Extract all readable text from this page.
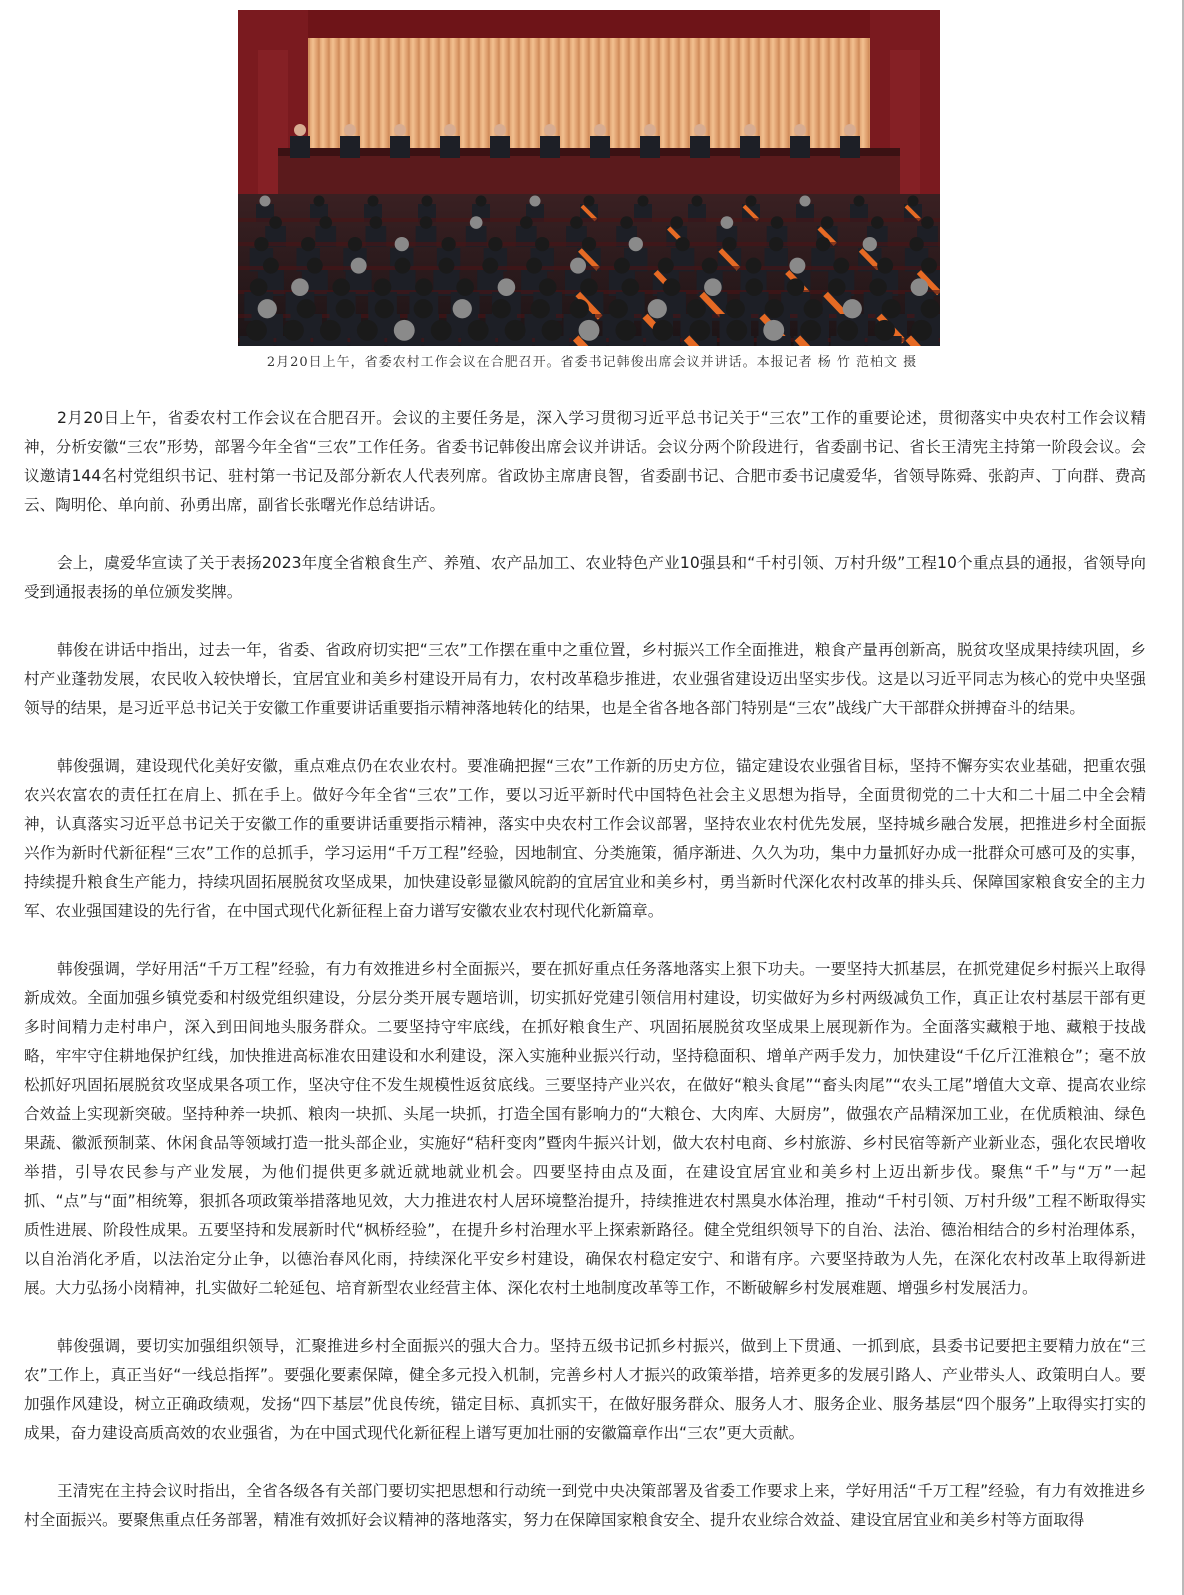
2月20日上午，省委农村工作会议在合肥召开。省委书记韩俊出席会议并讲话。本报记者 杨 竹 范柏文 摄

2月20日上午，省委农村工作会议在合肥召开。会议的主要任务是，深入学习贯彻习近平总书记关于“三农”工作的重要论述，贯彻落实中央农村工作会议精神，分析安徽“三农”形势，部署今年全省“三农”工作任务。省委书记韩俊出席会议并讲话。会议分两个阶段进行，省委副书记、省长王清宪主持第一阶段会议。会议邀请144名村党组织书记、驻村第一书记及部分新农人代表列席。省政协主席唐良智，省委副书记、合肥市委书记虞爱华，省领导陈舜、张韵声、丁向群、费高云、陶明伦、单向前、孙勇出席，副省长张曙光作总结讲话。

会上，虞爱华宣读了关于表扬2023年度全省粮食生产、养殖、农产品加工、农业特色产业10强县和“千村引领、万村升级”工程10个重点县的通报，省领导向受到通报表扬的单位颁发奖牌。

韩俊在讲话中指出，过去一年，省委、省政府切实把“三农”工作摆在重中之重位置，乡村振兴工作全面推进，粮食产量再创新高，脱贫攻坚成果持续巩固，乡村产业蓬勃发展，农民收入较快增长，宜居宜业和美乡村建设开局有力，农村改革稳步推进，农业强省建设迈出坚实步伐。这是以习近平同志为核心的党中央坚强领导的结果，是习近平总书记关于安徽工作重要讲话重要指示精神落地转化的结果，也是全省各地各部门特别是“三农”战线广大干部群众拼搏奋斗的结果。

韩俊强调，建设现代化美好安徽，重点难点仍在农业农村。要准确把握“三农”工作新的历史方位，锚定建设农业强省目标，坚持不懈夯实农业基础，把重农强农兴农富农的责任扛在肩上、抓在手上。做好今年全省“三农”工作，要以习近平新时代中国特色社会主义思想为指导，全面贯彻党的二十大和二十届二中全会精神，认真落实习近平总书记关于安徽工作的重要讲话重要指示精神，落实中央农村工作会议部署，坚持农业农村优先发展，坚持城乡融合发展，把推进乡村全面振兴作为新时代新征程“三农”工作的总抓手，学习运用“千万工程”经验，因地制宜、分类施策，循序渐进、久久为功，集中力量抓好办成一批群众可感可及的实事，持续提升粮食生产能力，持续巩固拓展脱贫攻坚成果，加快建设彰显徽风皖韵的宜居宜业和美乡村，勇当新时代深化农村改革的排头兵、保障国家粮食安全的主力军、农业强国建设的先行省，在中国式现代化新征程上奋力谱写安徽农业农村现代化新篇章。

韩俊强调，学好用活“千万工程”经验，有力有效推进乡村全面振兴，要在抓好重点任务落地落实上狠下功夫。一要坚持大抓基层，在抓党建促乡村振兴上取得新成效。全面加强乡镇党委和村级党组织建设，分层分类开展专题培训，切实抓好党建引领信用村建设，切实做好为乡村两级减负工作，真正让农村基层干部有更多时间精力走村串户，深入到田间地头服务群众。二要坚持守牢底线，在抓好粮食生产、巩固拓展脱贫攻坚成果上展现新作为。全面落实藏粮于地、藏粮于技战略，牢牢守住耕地保护红线，加快推进高标准农田建设和水利建设，深入实施种业振兴行动，坚持稳面积、增单产两手发力，加快建设“千亿斤江淮粮仓”；毫不放松抓好巩固拓展脱贫攻坚成果各项工作，坚决守住不发生规模性返贫底线。三要坚持产业兴农，在做好“粮头食尾”“畜头肉尾”“农头工尾”增值大文章、提高农业综合效益上实现新突破。坚持种养一块抓、粮肉一块抓、头尾一块抓，打造全国有影响力的“大粮仓、大肉库、大厨房”，做强农产品精深加工业，在优质粮油、绿色果蔬、徽派预制菜、休闲食品等领域打造一批头部企业，实施好“秸秆变肉”暨肉牛振兴计划，做大农村电商、乡村旅游、乡村民宿等新产业新业态，强化农民增收举措，引导农民参与产业发展，为他们提供更多就近就地就业机会。四要坚持由点及面，在建设宜居宜业和美乡村上迈出新步伐。聚焦“千”与“万”一起抓、“点”与“面”相统筹，狠抓各项政策举措落地见效，大力推进农村人居环境整治提升，持续推进农村黑臭水体治理，推动“千村引领、万村升级”工程不断取得实质性进展、阶段性成果。五要坚持和发展新时代“枫桥经验”，在提升乡村治理水平上探索新路径。健全党组织领导下的自治、法治、德治相结合的乡村治理体系，以自治消化矛盾，以法治定分止争，以德治春风化雨，持续深化平安乡村建设，确保农村稳定安宁、和谐有序。六要坚持敢为人先，在深化农村改革上取得新进展。大力弘扬小岗精神，扎实做好二轮延包、培育新型农业经营主体、深化农村土地制度改革等工作，不断破解乡村发展难题、增强乡村发展活力。

韩俊强调，要切实加强组织领导，汇聚推进乡村全面振兴的强大合力。坚持五级书记抓乡村振兴，做到上下贯通、一抓到底，县委书记要把主要精力放在“三农”工作上，真正当好“一线总指挥”。要强化要素保障，健全多元投入机制，完善乡村人才振兴的政策举措，培养更多的发展引路人、产业带头人、政策明白人。要加强作风建设，树立正确政绩观，发扬“四下基层”优良传统，锚定目标、真抓实干，在做好服务群众、服务人才、服务企业、服务基层“四个服务”上取得实打实的成果，奋力建设高质高效的农业强省，为在中国式现代化新征程上谱写更加壮丽的安徽篇章作出“三农”更大贡献。

王清宪在主持会议时指出，全省各级各有关部门要切实把思想和行动统一到党中央决策部署及省委工作要求上来，学好用活“千万工程”经验，有力有效推进乡村全面振兴。要聚焦重点任务部署，精准有效抓好会议精神的落地落实，努力在保障国家粮食安全、提升农业综合效益、建设宜居宜业和美乡村等方面取得
